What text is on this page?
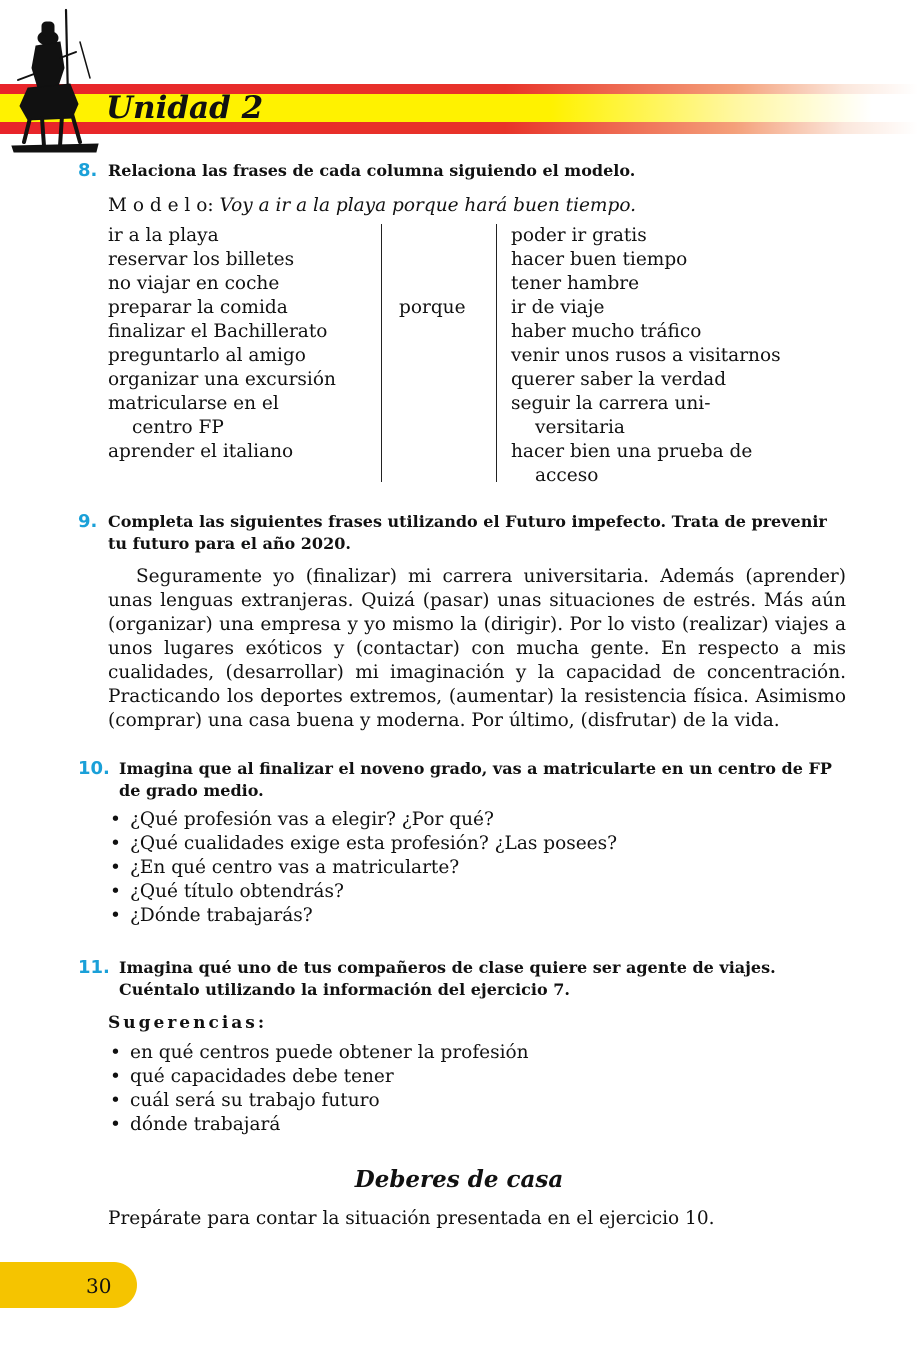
Unidad 2
8. Relaciona las frases de cada columna siguiendo el modelo.
M o d e l o: Voy a ir a la playa porque hará buen tiempo.
ir a la playa
reservar los billetes
no viajar en coche
preparar la comida
finalizar el Bachillerato
preguntarlo al amigo
organizar una excursión
matricularse en el
centro FP
aprender el italiano
porque
poder ir gratis
hacer buen tiempo
tener hambre
ir de viaje
haber mucho tráfico
venir unos rusos a visitarnos
querer saber la verdad
seguir la carrera uni-
versitaria
hacer bien una prueba de
acceso
9. Completa las siguientes frases utilizando el Futuro impefecto. Trata de prevenir tu futuro para el año 2020.

Seguramente yo (finalizar) mi carrera universitaria. Además (aprender) unas lenguas extranjeras. Quizá (pasar) unas situaciones de estrés. Más aún (organizar) una empresa y yo mismo la (dirigir). Por lo visto (realizar) viajes a unos lugares exóticos y (contactar) con mucha gente. En respecto a mis cualidades, (desarrollar) mi imaginación y la capacidad de concentración. Practicando los deportes extremos, (aumentar) la resistencia física. Asimismo (comprar) una casa buena y moderna. Por último, (disfrutar) de la vida.

10. Imagina que al finalizar el noveno grado, vas a matricularte en un centro de FP de grado medio.
• ¿Qué profesión vas a elegir? ¿Por qué?
• ¿Qué cualidades exige esta profesión? ¿Las posees?
• ¿En qué centro vas a matricularte?
• ¿Qué título obtendrás?
• ¿Dónde trabajarás?
11. Imagina qué uno de tus compañeros de clase quiere ser agente de viajes. Cuéntalo utilizando la información del ejercicio 7.
Sugerencias:
• en qué centros puede obtener la profesión
• qué capacidades debe tener
• cuál será su trabajo futuro
• dónde trabajará
Deberes de casa
Prepárate para contar la situación presentada en el ejercicio 10.
30
